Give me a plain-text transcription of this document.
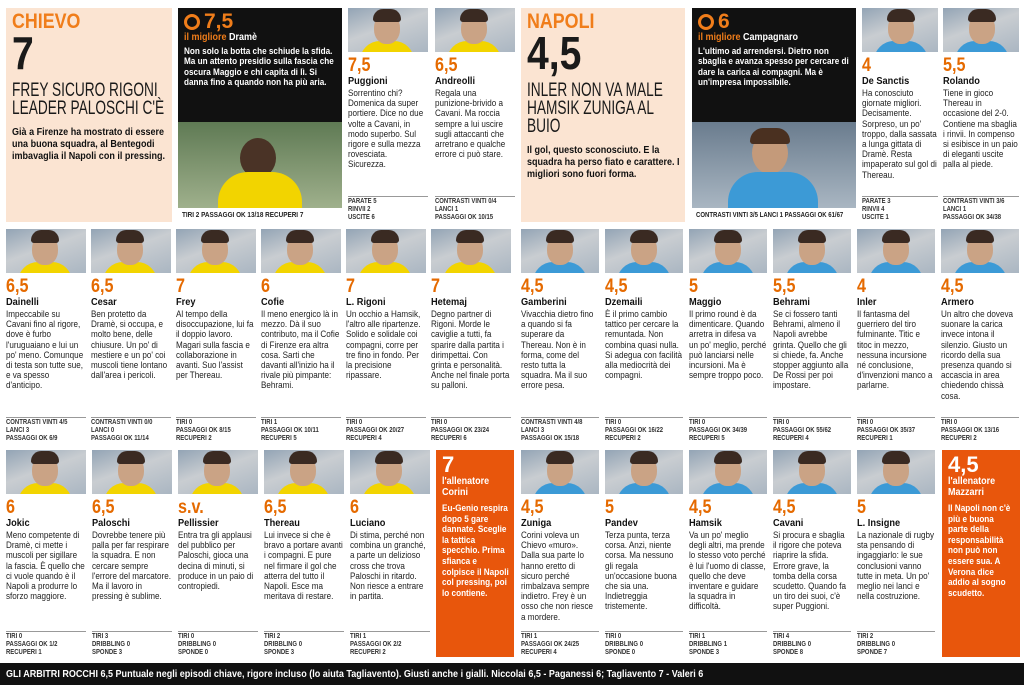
CHIEVO
7
FREY SICURO RIGONI LEADER PALOSCHI C'È
Già a Firenze ha mostrato di essere una buona squadra, al Bentegodi imbavaglia il Napoli con il pressing.
7,5
il migliore Dramè
Non solo la botta che schiude la sfida. Ma un attento presidio sulla fascia che oscura Maggio e chi capita di lì. Si danna fino a quando non ha più aria.
TIRI 2 PASSAGGI OK 13/18 RECUPERI 7
NAPOLI
4,5
INLER NON VA MALE HAMSIK ZUNIGA AL BUIO
Il gol, questo sconosciuto. E la squadra ha perso fiato e carattere. I migliori sono fuori forma.
6
il migliore Campagnaro
L'ultimo ad arrendersi. Dietro non sbaglia e avanza spesso per cercare di dare la carica ai compagni. Ma è un'impresa impossibile.
CONTRASTI VINTI 3/5 LANCI 1 PASSAGGI OK 61/67
7,5
Puggioni
Sorrentino chi? Domenica da super portiere. Dice no due volte a Cavani, in modo superbo. Sul rigore e sulla mezza rovesciata. Sicurezza.
PARATE 5
RINVII 2
USCITE 6
6,5
Andreolli
Regala una punizione-brivido a Cavani. Ma roccia sempre a lui uscire sugli attaccanti che arretrano e qualche errore ci può stare.
CONTRASTI VINTI 0/4
LANCI 1
PASSAGGI OK 10/15
4
De Sanctis
Ha conosciuto giornate migliori. Decisamente. Sorpreso, un po' troppo, dalla sassata a lunga gittata di Dramè. Resta impaperato sul gol di Thereau.
PARATE 3
RINVII 4
USCITE 1
5,5
Rolando
Tiene in gioco Thereau in occasione del 2-0. Contiene ma sbaglia i rinvii. In compenso si esibisce in un paio di eleganti uscite palla al piede.
CONTRASTI VINTI 3/6
LANCI 1
PASSAGGI OK 34/38
6,5
Dainelli
Impeccabile su Cavani fino al rigore, dove è furbo l'uruguaiano e lui un po' meno. Comunque di testa son tutte sue, e va spesso d'anticipo.
CONTRASTI VINTI 4/5
LANCI 3
PASSAGGI OK 6/9
6,5
Cesar
Ben protetto da Dramè, si occupa, e molto bene, delle chiusure. Un po' di mestiere e un po' coi muscoli tiene lontano dall'area i pericoli.
CONTRASTI VINTI 0/0
LANCI 0
PASSAGGI OK 11/14
7
Frey
Al tempo della disoccupazione, lui fa il doppio lavoro. Magari sulla fascia e collaborazione in avanti. Suo l'assist per Thereau.
TIRI 0
PASSAGGI OK 8/15
RECUPERI 2
6
Cofie
Il meno energico là in mezzo. Dà il suo contributo, ma il Cofie di Firenze era altra cosa. Sarti che davanti all'inizio ha il rivale più pimpante: Behrami.
TIRI 1
PASSAGGI OK 10/11
RECUPERI 5
7
L. Rigoni
Un occhio a Hamsik, l'altro alle ripartenze. Solido e solidale coi compagni, corre per tre fino in fondo. Per la precisione ripassare.
TIRI 0
PASSAGGI OK 20/27
RECUPERI 4
7
Hetemaj
Degno partner di Rigoni. Morde le caviglie a tutti, fa sparire dalla partita i dirimpettai. Con grinta e personalità. Anche nel finale porta su palloni.
TIRI 0
PASSAGGI OK 23/24
RECUPERI 6
4,5
Gamberini
Vivacchia dietro fino a quando si fa superare da Thereau. Non è in forma, come del resto tutta la squadra. Ma il suo errore pesa.
CONTRASTI VINTI 4/8
LANCI 3
PASSAGGI OK 15/18
4,5
Dzemaili
È il primo cambio tattico per cercare la remuntada. Non combina quasi nulla. Si adegua con facilità alla mediocrità dei compagni.
TIRI 0
PASSAGGI OK 16/22
RECUPERI 2
5
Maggio
Il primo round è da dimenticare. Quando arretra in difesa va un po' meglio, perché può lanciarsi nelle incursioni. Ma è sempre troppo poco.
TIRI 0
PASSAGGI OK 34/39
RECUPERI 5
5,5
Behrami
Se ci fossero tanti Behrami, almeno il Napoli avrebbe grinta. Quello che gli si chiede, fa. Anche stopper aggiunto alla De Rossi per poi impostare.
TIRI 0
PASSAGGI OK 55/62
RECUPERI 4
4
Inler
Il fantasma del guerriero del tiro fulminante. Titic e titoc in mezzo, nessuna incursione né conclusione, d'invenzioni manco a parlarne.
TIRI 0
PASSAGGI OK 35/37
RECUPERI 1
4,5
Armero
Un altro che doveva suonare la carica invece intona il silenzio. Giusto un ricordo della sua presenza quando si accascia in area chiedendo chissà cosa.
TIRI 0
PASSAGGI OK 13/16
RECUPERI 2
6
Jokic
Meno competente di Dramè, ci mette i muscoli per sigillare la fascia. È quello che ci vuole quando è il Napoli a produrre lo sforzo maggiore.
TIRI 0
PASSAGGI OK 1/2
RECUPERI 1
6,5
Paloschi
Dovrebbe tenere più palla per far respirare la squadra. E non cercare sempre l'errore del marcatore. Ma il lavoro in pressing è sublime.
TIRI 3
DRIBBLING 0
SPONDE 3
s.v.
Pellissier
Entra tra gli applausi del pubblico per Paloschi, gioca una decina di minuti, si produce in un paio di contropiedi.
TIRI 0
DRIBBLING 0
SPONDE 0
6,5
Thereau
Lui invece si che è bravo a portare avanti i compagni. E pure nel firmare il gol che atterra del tutto il Napoli. Esce ma meritava di restare.
TIRI 2
DRIBBLING 0
SPONDE 3
6
Luciano
Di stima, perché non combina un granché, a parte un delizioso cross che trova Paloschi in ritardo. Non riesce a entrare in partita.
TIRI 1
PASSAGGI OK 2/2
RECUPERI 2
4,5
Zuniga
Corini voleva un Chievo «muro». Dalla sua parte lo hanno eretto di sicuro perché rimbalzava sempre indietro. Frey è un osso che non riesce a mordere.
TIRI 1
PASSAGGI OK 24/25
RECUPERI 4
5
Pandev
Terza punta, terza corsa. Anzi, niente corsa. Ma nessuno gli regala un'occasione buona che sia una. Indietreggia tristemente.
TIRI 0
DRIBBLING 0
SPONDE 0
4,5
Hamsik
Va un po' meglio degli altri, ma prende lo stesso voto perché è lui l'uomo di classe, quello che deve inventare e guidare la squadra in difficoltà.
TIRI 1
DRIBBLING 1
SPONDE 3
4,5
Cavani
Si procura e sbaglia il rigore che poteva riaprire la sfida. Errore grave, la tomba della corsa scudetto. Quando fa un tiro dei suoi, c'è super Puggioni.
TIRI 4
DRIBBLING 0
SPONDE 8
5
L. Insigne
La nazionale di rugby sta pensando di ingaggiarlo: le sue conclusioni vanno tutte in meta. Un po' meglio nei lanci e nella costruzione.
TIRI 2
DRIBBLING 0
SPONDE 7
7
l'allenatore
Corini
Eu-Genio respira dopo 5 gare dannate. Sceglie la tattica specchio. Prima sfianca e colpisce il Napoli col pressing, poi lo contiene.
4,5
l'allenatore
Mazzarri
Il Napoli non c'è più e buona parte della responsabilità non può non essere sua. A Verona dice addio al sogno scudetto.
GLI ARBITRI ROCCHI 6,5 Puntuale negli episodi chiave, rigore incluso (lo aiuta Tagliavento). Giusti anche i gialli. Niccolai 6,5 - Paganessi 6; Tagliavento 7 - Valeri 6
